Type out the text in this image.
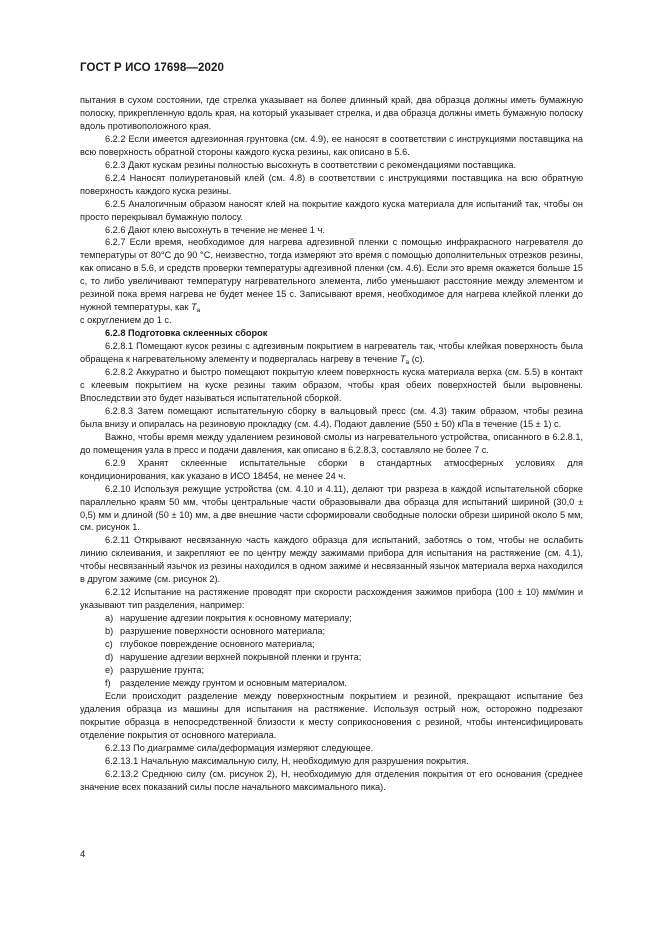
ГОСТ Р ИСО 17698—2020

пытания в сухом состоянии, где стрелка указывает на более длинный край, два образца должны иметь бумажную полоску, прикрепленную вдоль края, на который указывает стрелка, и два образца должны иметь бумажную полоску вдоль противоположного края.

6.2.2 Если имеется адгезионная грунтовка (см. 4.9), ее наносят в соответствии с инструкциями поставщика на всю поверхность обратной стороны каждого куска резины, как описано в 5.6.

6.2.3 Дают кускам резины полностью высохнуть в соответствии с рекомендациями поставщика.

6.2.4 Наносят полиуретановый клей (см. 4.8) в соответствии с инструкциями поставщика на всю обратную поверхность каждого куска резины.

6.2.5 Аналогичным образом наносят клей на покрытие каждого куска материала для испытаний так, чтобы он просто перекрывал бумажную полосу.

6.2.6 Дают клею высохнуть в течение не менее 1 ч.

6.2.7 Если время, необходимое для нагрева адгезивной пленки с помощью инфракрасного нагревателя до температуры от 80°С до 90 °С, неизвестно, тогда измеряют это время с помощью дополнительных отрезков резины, как описано в 5.6, и средств проверки температуры адгезивной пленки (см. 4.6). Если это время окажется больше 15 с, то либо увеличивают температуру нагревательного элемента, либо уменьшают расстояние между элементом и резиной пока время нагрева не будет менее 15 с. Записывают время, необходимое для нагрева клейкой пленки до нужной температуры, как $T_a$

с округлением до 1 с.

6.2.8 Подготовка склеенных сборок

6.2.8.1 Помещают кусок резины с адгезивным покрытием в нагреватель так, чтобы клейкая поверхность была обращена к нагревательному элементу и подвергалась нагреву в течение $T_a$ (с).

6.2.8.2 Аккуратно и быстро помещают покрытую клеем поверхность куска материала верха (см. 5.5) в контакт с клеевым покрытием на куске резины таким образом, чтобы края обеих поверхностей были выровнены. Впоследствии это будет называться испытательной сборкой.

6.2.8.3 Затем помещают испытательную сборку в вальцовый пресс (см. 4.3) таким образом, чтобы резина была внизу и опиралась на резиновую прокладку (см. 4.4). Подают давление (550 ± 50) кПа в течение (15 ± 1) с.

Важно, чтобы время между удалением резиновой смолы из нагревательного устройства, описанного в 6.2.8.1, до помещения узла в пресс и подачи давления, как описано в 6.2.8.3, составляло не более 7 с.

6.2.9 Хранят склеенные испытательные сборки в стандартных атмосферных условиях для кондиционирования, как указано в ИСО 18454, не менее 24 ч.

6.2.10 Используя режущие устройства (см. 4.10 и 4.11), делают три разреза в каждой испытательной сборке параллельно краям 50 мм, чтобы центральные части образовывали два образца для испытаний шириной (30,0 ± 0,5) мм и длиной (50 ± 10) мм, а две внешние части сформировали свободные полоски обрези шириной около 5 мм, см. рисунок 1.

6.2.11 Открывают несвязанную часть каждого образца для испытаний, заботясь о том, чтобы не ослабить линию склеивания, и закрепляют ее по центру между зажимами прибора для испытания на растяжение (см. 4.1), чтобы несвязанный язычок из резины находился в одном зажиме и несвязанный язычок материала верха находился в другом зажиме (см. рисунок 2).

6.2.12 Испытание на растяжение проводят при скорости расхождения зажимов прибора (100 ± 10) мм/мин и указывают тип разделения, например:

a) нарушение адгезии покрытия к основному материалу;
b) разрушение поверхности основного материала;
c) глубокое повреждение основного материала;
d) нарушение адгезии верхней покрывной пленки и грунта;
e) разрушение грунта;
f)	разделение между грунтом и основным материалом.

Если происходит разделение между поверхностным покрытием и резиной, прекращают испытание без удаления образца из машины для испытания на растяжение. Используя острый нож, осторожно подрезают покрытие образца в непосредственной близости к месту соприкосновения с резиной, чтобы интенсифицировать отделение покрытия от основного материала.

6.2.13 По диаграмме сила/деформация измеряют следующее.

6.2.13.1 Начальную максимальную силу, Н, необходимую для разрушения покрытия.

6.2.13.2 Среднюю силу (см. рисунок 2), Н, необходимую для отделения покрытия от его основания (среднее значение всех показаний силы после начального максимального пика).

4
